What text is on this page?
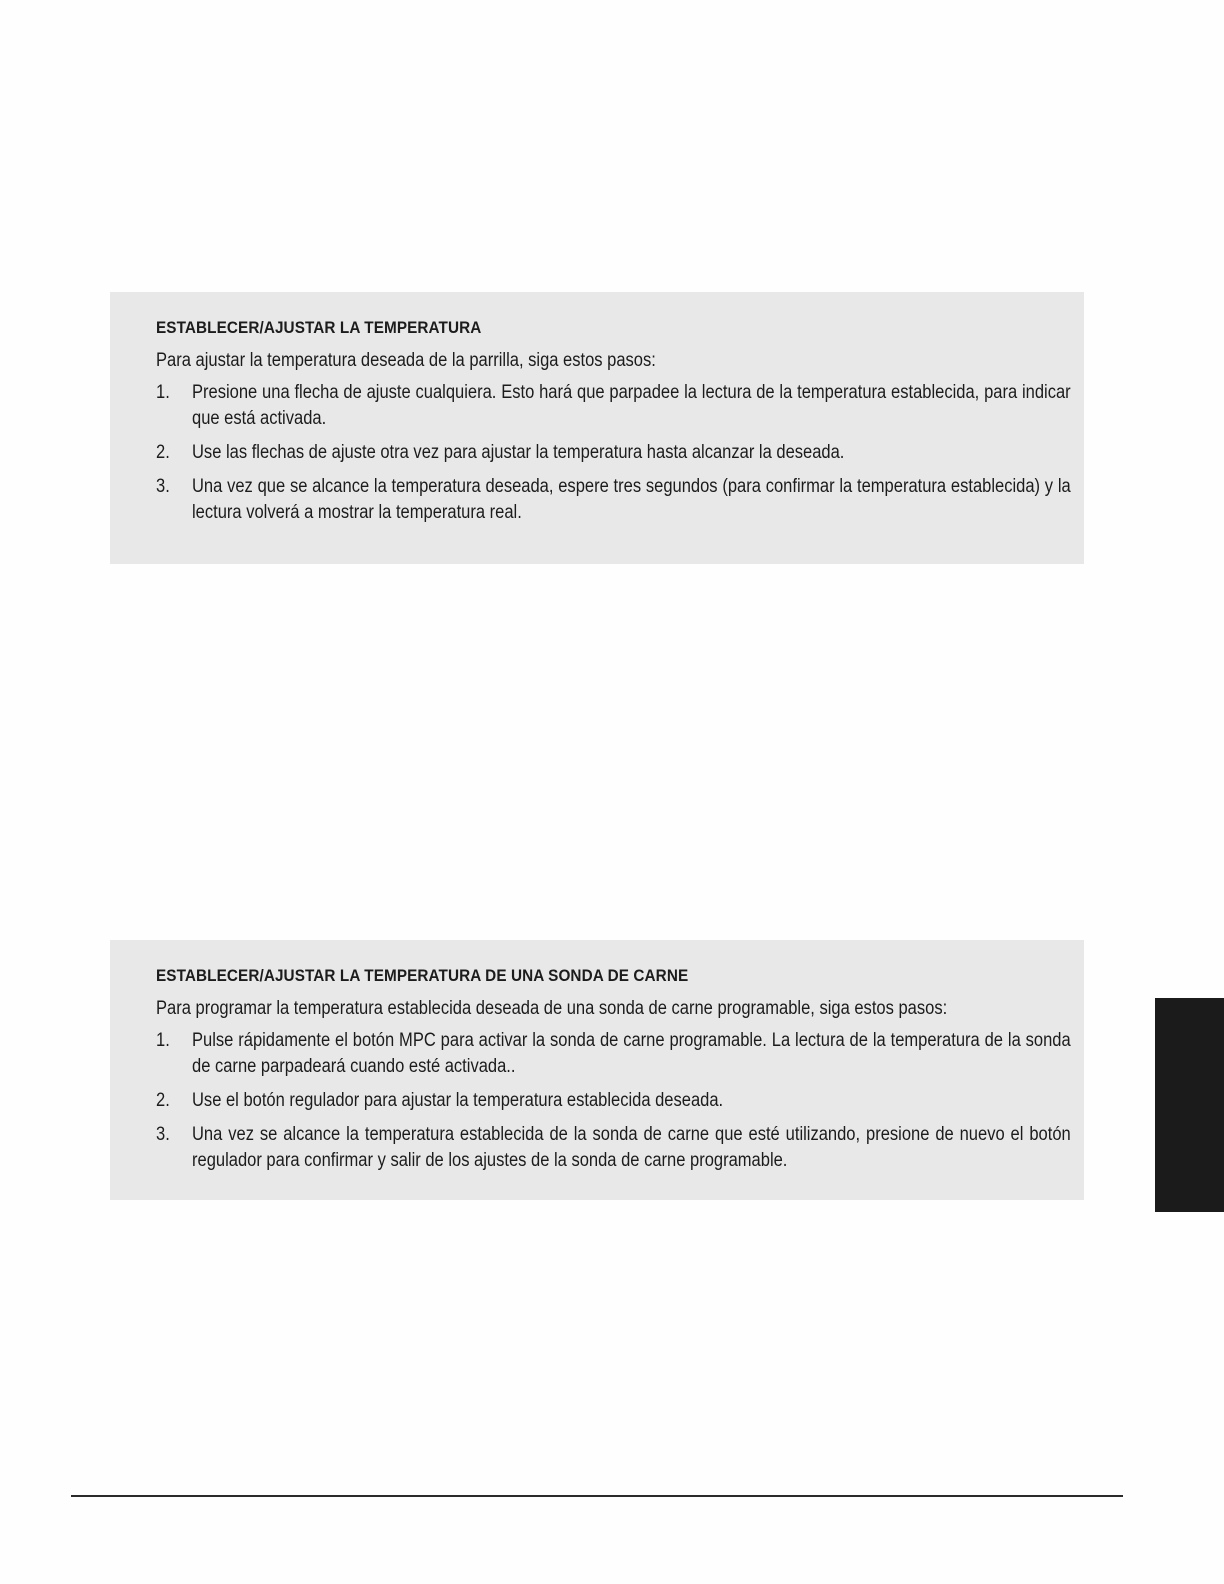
ESTABLECER/AJUSTAR LA TEMPERATURA

Para ajustar la temperatura deseada de la parrilla, siga estos pasos:

1. Presione una flecha de ajuste cualquiera. Esto hará que parpadee la lectura de la temperatura establecida, para indicar que está activada.
2. Use las flechas de ajuste otra vez para ajustar la temperatura hasta alcanzar la deseada.
3. Una vez que se alcance la temperatura deseada, espere tres segundos (para confirmar la temperatura establecida) y la lectura volverá a mostrar la temperatura real.
ESTABLECER/AJUSTAR LA TEMPERATURA DE UNA SONDA DE CARNE

Para programar la temperatura establecida deseada de una sonda de carne programable, siga estos pasos:

1. Pulse rápidamente el botón MPC para activar la sonda de carne programable. La lectura de la temperatura de la sonda de carne parpadeará cuando esté activada..
2. Use el botón regulador para ajustar la temperatura establecida deseada.
3. Una vez se alcance la temperatura establecida de la sonda de carne que esté utilizando, presione de nuevo el botón regulador para confirmar y salir de los ajustes de la sonda de carne programable.
